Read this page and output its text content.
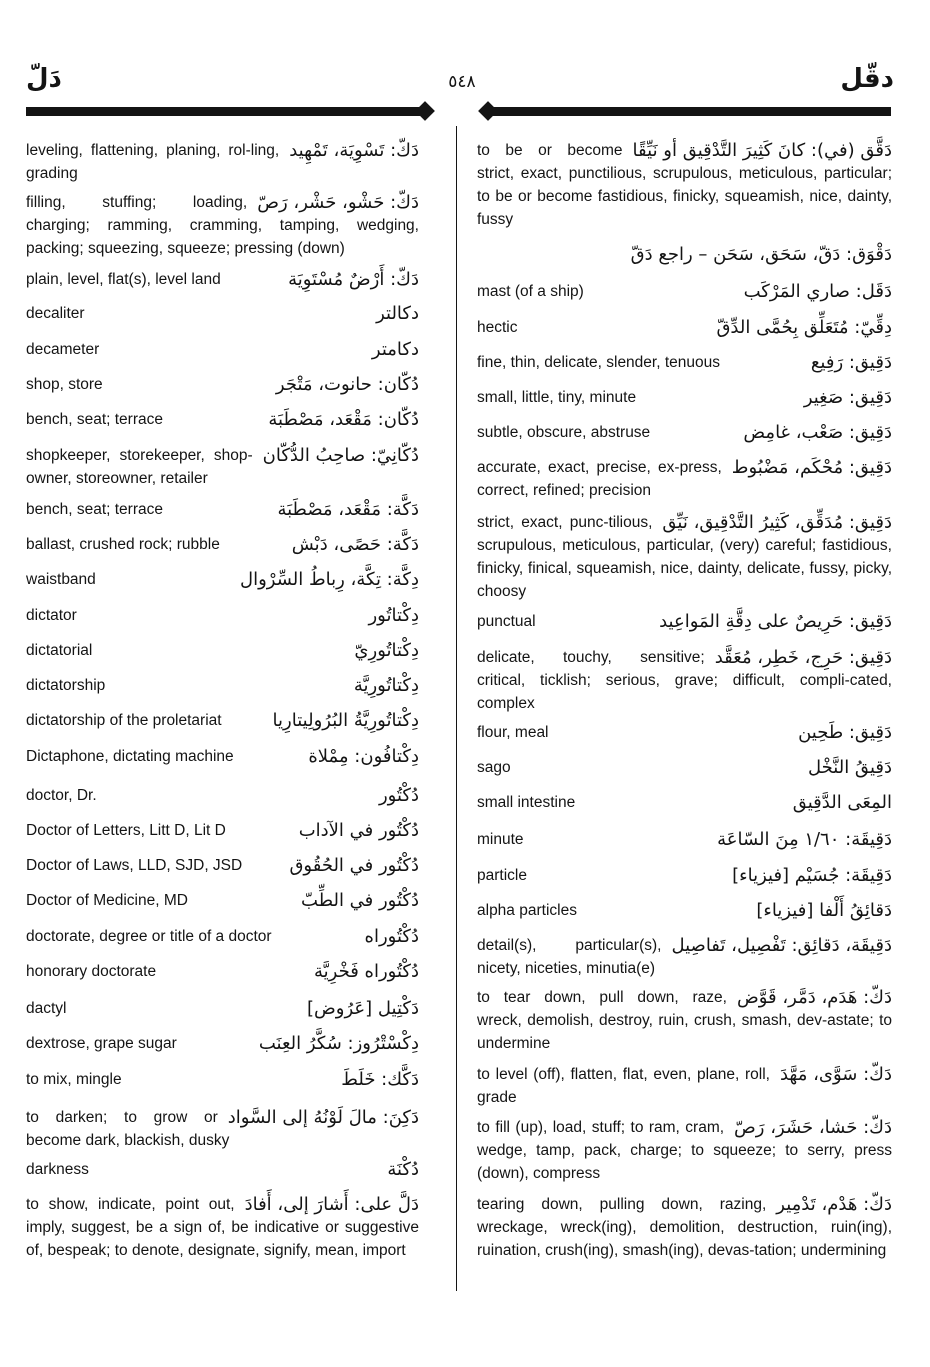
دَلّ	٥٤٨	دقّل
دَكّ: تَسْوِيَة، تَمْهِيد
leveling, flattening, planing, rol-ling, grading
دَكّ: حَشْو، حَشْر، رَصّ
filling, stuffing; loading, charging; ramming, cramming, tamping, wedging, packing; squeezing, squeeze; pressing (down)
دَكّ: أَرْضٌ مُسْتَوِيَة
plain, level, flat(s), level land
دكالتر
decaliter
دكامتر
decameter
دُكّان: حانوت، مَتْجَر
shop, store
دُكّان: مَقْعَد، مَصْطَبَة
bench, seat; terrace
دُكّانِيّ: صاحِبُ الدُّكّان
shopkeeper, storekeeper, shop-owner, storeowner, retailer
دَكَّة: مَقْعَد، مَصْطَبَة
bench, seat; terrace
دَكَّة: حَصًى، دَبْش
ballast, crushed rock; rubble
دِكَّة: تِكَّة، رِباطُ السِّرْوال
waistband
دِكْتاتُور
dictator
دِكْتاتُورِيّ
dictatorial
دِكْتاتُورِيَّة
dictatorship
دِكْتاتُورِيَّةُ البُرُولِيتارِيا
dictatorship of the proletariat
دِكْتافُون: مِمْلاة
Dictaphone, dictating machine
دُكْتُور
doctor, Dr.
دُكْتُور في الآداب
Doctor of Letters, Litt D, Lit D
دُكْتُور في الحُقُوق
Doctor of Laws, LLD, SJD, JSD
دُكْتُور في الطِّبّ
Doctor of Medicine, MD
دُكْتُوراه
doctorate, degree or title of a doctor
دُكْتُوراه فَخْرِيَّة
honorary doctorate
دَكْتِيل [عَرُوض]
dactyl
دِكْسْتْرُوز: سُكَّرُ العِنَب
dextrose, grape sugar
دَكَّك: خَلَطَ
to mix, mingle
دَكِنَ: مالَ لَوْنُهُ إلى السَّواد
to darken; to grow or become dark, blackish, dusky
دُكْنَة
darkness
دَلَّ على: أَشارَ إلى، أَفادَ
to show, indicate, point out, imply, suggest, be a sign of, be indicative or suggestive of, bespeak; to denote, designate, signify, mean, import
دَقَّق (في): كانَ كَثِيرَ التَّدْقِيق أو نَيِّقًا
to be or become strict, exact, punctilious, scrupulous, meticulous, particular; to be or become fastidious, finicky, squeamish, nice, dainty, fussy
دَقْوَق: دَقّ، سَحَق، سَحَن – راجع دَقّ
دَقَل: صاري المَرْكَب
mast (of a ship)
دِقِّيّ: مُتَعَلِّق بِحُمَّى الدِّقّ
hectic
دَقِيق: رَفِيع
fine, thin, delicate, slender, tenuous
دَقِيق: صَغِير
small, little, tiny, minute
دَقِيق: صَعْب، غامِض
subtle, obscure, abstruse
دَقِيق: مُحْكَم، مَضْبُوط
accurate, exact, precise, ex-press, correct, refined; precision
دَقِيق: مُدَقِّق، كَثِيرُ التَّدْقِيق، نَيِّق
strict, exact, punc-tilious, scrupulous, meticulous, particular, (very) careful; fastidious, finicky, finical, squeamish, nice, dainty, delicate, fussy, picky, choosy
دَقِيق: حَرِيصٌ على دِقَّةِ المَواعِيد
punctual
دَقِيق: حَرِج، خَطِر، مُعَقَّد
delicate, touchy, sensitive; critical, ticklish; serious, grave; difficult, compli-cated, complex
دَقِيق: طَحِين
flour, meal
دَقِيقُ النَّخْل
sago
المِعَى الدَّقِيق
small intestine
دَقِيقَة: ١/٦٠ مِنَ السّاعَة
minute
دَقِيقَة: جُسَيْم [فيزياء]
particle
دَقائِقُ أَلْفا [فيزياء]
alpha particles
دَقِيقَة، دَقائِق: تَفْصِيل، تَفاصِيل
detail(s), particular(s), nicety, niceties, minutia(e)
دَكّ: هَدَم، دَمَّر، قَوَّض
to tear down, pull down, raze, wreck, demolish, destroy, ruin, crush, smash, dev-astate; to undermine
دَكّ: سَوَّى، مَهَّدَ
to level (off), flatten, flat, even, plane, roll, grade
دَكّ: حَشا، حَشَرَ، رَصّ
to fill (up), load, stuff; to ram, cram, wedge, tamp, pack, charge; to squeeze; to serry, press (down), compress
دَكّ: هَدْم، تَدْمِير
tearing down, pulling down, razing, wreckage, wreck(ing), demolition, destruction, ruin(ing), ruination, crush(ing), smash(ing), devas-tation; undermining
